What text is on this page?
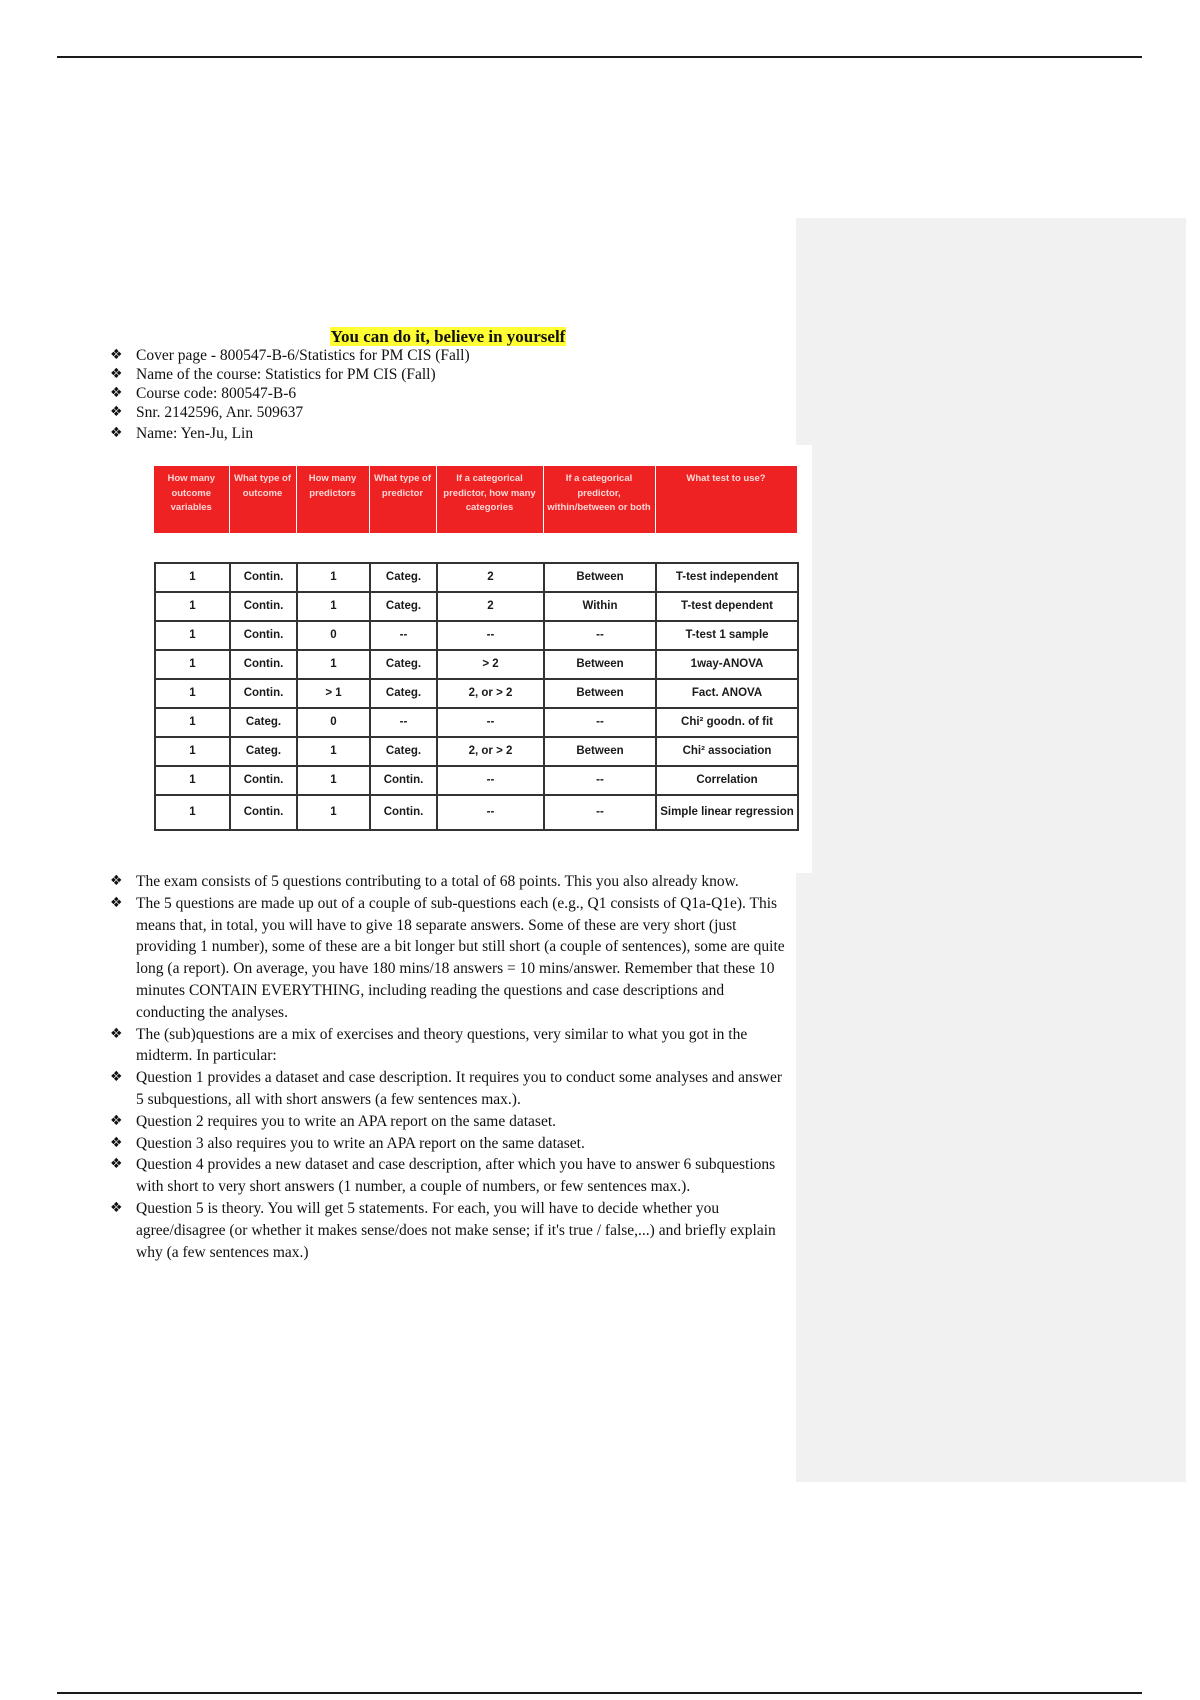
You can do it, believe in yourself
❖ Cover page - 800547-B-6/Statistics for PM CIS (Fall)
❖ Name of the course: Statistics for PM CIS (Fall)
❖ Course code: 800547-B-6
❖ Snr. 2142596, Anr. 509637
❖ Name: Yen-Ju, Lin
How many outcome variables	What type of outcome	How many predictors	What type of predictor	If a categorical predictor, how many categories	If a categorical predictor, within/between or both	What test to use?
1	Contin.	1	Categ.	2	Between	T-test independent
1	Contin.	1	Categ.	2	Within	T-test dependent
1	Contin.	0	--	--	--	T-test 1 sample
1	Contin.	1	Categ.	> 2	Between	1way-ANOVA
1	Contin.	> 1	Categ.	2, or > 2	Between	Fact. ANOVA
1	Categ.	0	--	--	--	Chi² goodn. of fit
1	Categ.	1	Categ.	2, or > 2	Between	Chi² association
1	Contin.	1	Contin.	--	--	Correlation
1	Contin.	1	Contin.	--	--	Simple linear regression
❖ The exam consists of 5 questions contributing to a total of 68 points. This you also already know.
❖ The 5 questions are made up out of a couple of sub-questions each (e.g., Q1 consists of Q1a-Q1e). This means that, in total, you will have to give 18 separate answers. Some of these are very short (just providing 1 number), some of these are a bit longer but still short (a couple of sentences), some are quite long (a report). On average, you have 180 mins/18 answers = 10 mins/answer. Remember that these 10 minutes CONTAIN EVERYTHING, including reading the questions and case descriptions and conducting the analyses.
❖ The (sub)questions are a mix of exercises and theory questions, very similar to what you got in the midterm. In particular:
❖ Question 1 provides a dataset and case description. It requires you to conduct some analyses and answer 5 subquestions, all with short answers (a few sentences max.).
❖ Question 2 requires you to write an APA report on the same dataset.
❖ Question 3 also requires you to write an APA report on the same dataset.
❖ Question 4 provides a new dataset and case description, after which you have to answer 6 subquestions with short to very short answers (1 number, a couple of numbers, or few sentences max.).
❖ Question 5 is theory. You will get 5 statements. For each, you will have to decide whether you agree/disagree (or whether it makes sense/does not make sense; if it's true / false,...) and briefly explain why (a few sentences max.)
